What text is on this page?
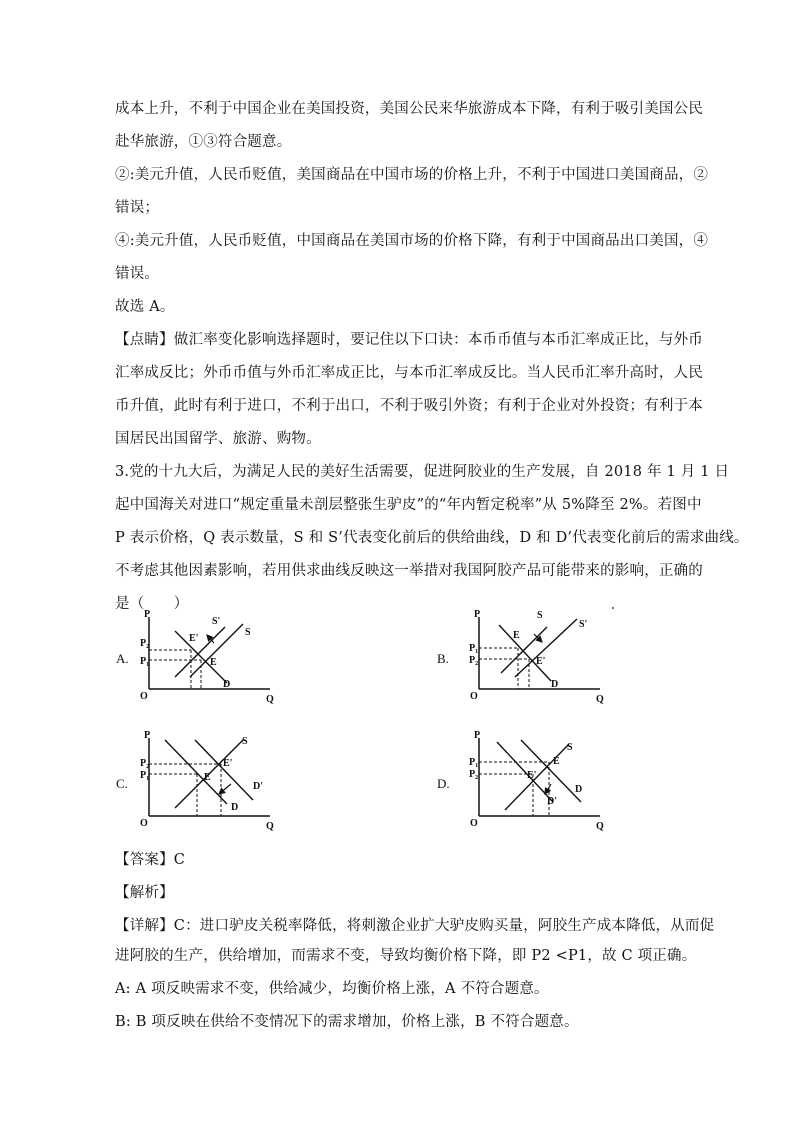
成本上升，不利于中国企业在美国投资，美国公民来华旅游成本下降，有利于吸引美国公民
赴华旅游，①③符合题意。
②:美元升值，人民币贬值，美国商品在中国市场的价格上升，不利于中国进口美国商品，②
错误；
④:美元升值，人民币贬值，中国商品在美国市场的价格下降，有利于中国商品出口美国，④
错误。
故选 A。
【点睛】做汇率变化影响选择题时，要记住以下口诀：本币币值与本币汇率成正比，与外币
汇率成反比；外币币值与外币汇率成正比，与本币汇率成反比。当人民币汇率升高时，人民
币升值，此时有利于进口，不利于出口，不利于吸引外资；有利于企业对外投资；有利于本
国居民出国留学、旅游、购物。
3.党的十九大后，为满足人民的美好生活需要，促进阿胶业的生产发展，自 2018 年 1 月 1 日
起中国海关对进口“规定重量未剖层整张生驴皮”的“年内暂定税率”从 5%降至 2%。若图中
P 表示价格，Q 表示数量，S 和 S’代表变化前后的供给曲线，D 和 D’代表变化前后的需求曲线。
不考虑其他因素影响，若用供求曲线反映这一举措对我国阿胶产品可能带来的影响，正确的
是（　　）
A.	B.
C.	D.
P
Q
O
E'
E
S'
S
D
$P_2$
$P_1$
P
Q
O
E
E'
S
S'
D
$P_1$
$P_2$
P
Q
O
E
E'
S
D'
D
$P_2$
$P_1$
P
Q
O
E'
E
S
D'
D
$P_1$
$P_2$
【答案】C
【解析】
【详解】C：进口驴皮关税率降低，将刺激企业扩大驴皮购买量，阿胶生产成本降低，从而促
进阿胶的生产，供给增加，而需求不变，导致均衡价格下降，即 P2 <P1，故 C 项正确。
A: A 项反映需求不变，供给减少，均衡价格上涨，A 不符合题意。
B: B 项反映在供给不变情况下的需求增加，价格上涨，B 不符合题意。
